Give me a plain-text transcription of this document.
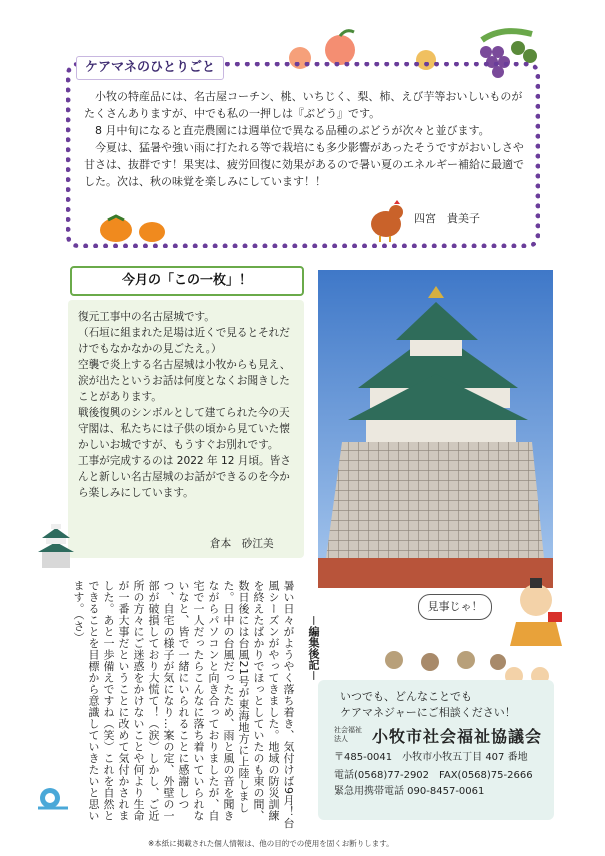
ケアマネのひとりごと

小牧の特産品には、名古屋コーチン、桃、いちじく、梨、柿、えび芋等おいしいものがたくさんありますが、中でも私の一押しは『ぶどう』です。

8 月中旬になると直売農園には週単位で異なる品種のぶどうが次々と並びます。

今夏は、猛暑や強い雨に打たれる等で栽培にも多少影響があったそうですがおいしさや甘さは、抜群です！果実は、疲労回復に効果があるので暑い夏のエネルギー補給に最適でした。次は、秋の味覚を楽しみにしています！！

四宮　貴美子
今月の「この一枚」！

復元工事中の名古屋城です。

（石垣に組まれた足場は近くで見るとそれだけでもなかなかの見ごたえ。）

空襲で炎上する名古屋城は小牧からも見え、涙が出たというお話は何度となくお聞きしたことがあります。

戦後復興のシンボルとして建てられた今の天守閣は、私たちには子供の頃から見ていた懐かしいお城ですが、もうすぐお別れです。

工事が完成するのは 2022 年 12 月頃。皆さんと新しい名古屋城のお話ができるのを今から楽しみにしています。

倉本　砂江美
－編集後記－
暑い日々がようやく落ち着き、気付けば9月！台風シーズンがやってきました。地域の防災訓練を終えたばかりでほっとしていたのも束の間、数日後には台風21号が東海地方に上陸しました。日中の台風だったため、雨と風の音を聞きながらパソコンと向き合っておりましたが、自宅で一人だったらこんなに落ち着いていられないなと、皆で一緒にいられることに感謝しつつ、自宅の様子が気になり…案の定、外壁の一部が破損しており大慌て！（涙）しかし、ご近所の方々にご迷惑をかけないことや何より生命が一番大事だということに改めて気付かされました。あと一歩備えですね（笑）これを自然とできることを目標から意識していきたいと思います。（さ）	見事じゃ！
いつでも、どんなことでも
ケアマネジャーにご相談ください！
社会福祉法人	小牧市社会福祉協議会
〒485-0041　小牧市小牧五丁目 407 番地
電話(0568)77-2902　FAX(0568)75-2666
緊急用携帯電話 090-8457-0061
※本紙に掲載された個人情報は、他の目的での使用を固くお断りします。
